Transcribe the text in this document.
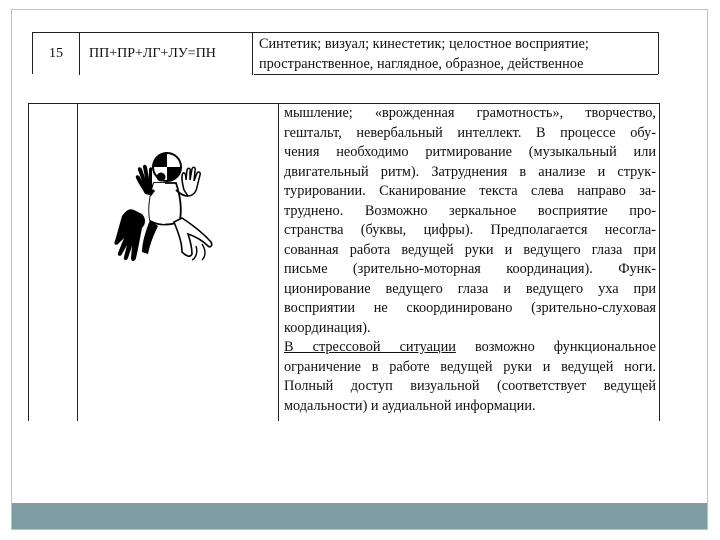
15	ПП+ПР+ЛГ+ЛУ=ПН
Синтетик; визуал; кинестетик; целостное восприятие;
пространственное, наглядное, образное, действенное
мышление; «врожденная грамотность», творчество,
гештальт, невербальный интеллект. В процессе обу-
чения необходимо ритмирование (музыкальный или
двигательный ритм). Затруднения в анализе и струк-
турировании. Сканирование текста слева направо за-
труднено. Возможно зеркальное восприятие про-
странства (буквы, цифры). Предполагается несогла-
сованная работа ведущей руки и ведущего глаза при
письме (зрительно-моторная координация). Функ-
ционирование ведущего глаза и ведущего уха при
восприятии не скоординировано (зрительно-слуховая
координация).
В стрессовой ситуации возможно функциональное
ограничение в работе ведущей руки и ведущей ноги.
Полный доступ визуальной (соответствует ведущей
модальности) и аудиальной информации.
